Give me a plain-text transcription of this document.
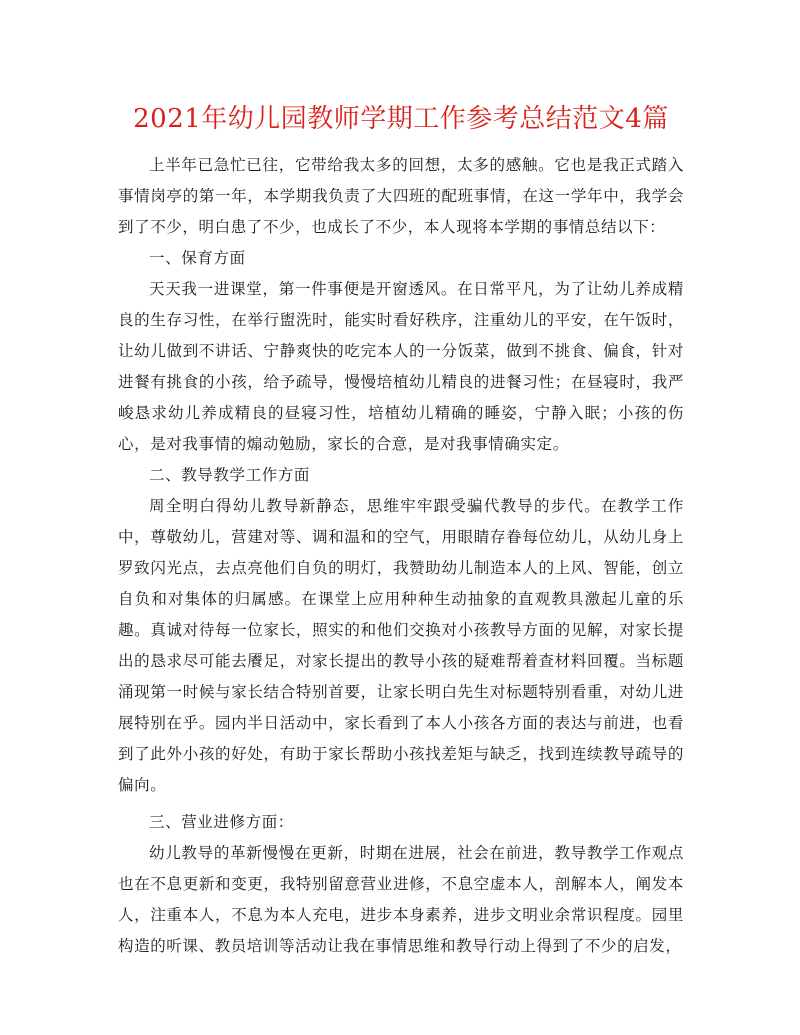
2021年幼儿园教师学期工作参考总结范文4篇

上半年已急忙已往，它带给我太多的回想，太多的感触。它也是我正式踏入事情岗亭的第一年，本学期我负责了大四班的配班事情，在这一学年中，我学会到了不少，明白患了不少，也成长了不少，本人现将本学期的事情总结以下：

一、保育方面

天天我一进课堂，第一件事便是开窗透风。在日常平凡，为了让幼儿养成精良的生存习性，在举行盥洗时，能实时看好秩序，注重幼儿的平安，在午饭时，让幼儿做到不讲话、宁静爽快的吃完本人的一分饭菜，做到不挑食、偏食，针对进餐有挑食的小孩，给予疏导，慢慢培植幼儿精良的进餐习性；在昼寝时，我严峻恳求幼儿养成精良的昼寝习性，培植幼儿精确的睡姿，宁静入眠；小孩的伤心，是对我事情的煽动勉励，家长的合意，是对我事情确实定。

二、教导教学工作方面

周全明白得幼儿教导新静态，思维牢牢跟受骗代教导的步代。在教学工作中，尊敬幼儿，营建对等、调和温和的空气，用眼睛存眷每位幼儿，从幼儿身上罗致闪光点，去点亮他们自负的明灯，我赞助幼儿制造本人的上风、智能，创立自负和对集体的归属感。在课堂上应用种种生动抽象的直观教具激起儿童的乐趣。真诚对待每一位家长，照实的和他们交换对小孩教导方面的见解，对家长提出的恳求尽可能去餍足，对家长提出的教导小孩的疑难帮着查材料回覆。当标题涌现第一时候与家长结合特别首要，让家长明白先生对标题特别看重，对幼儿进展特别在乎。园内半日活动中，家长看到了本人小孩各方面的表达与前进，也看到了此外小孩的好处，有助于家长帮助小孩找差矩与缺乏，找到连续教导疏导的偏向。

三、营业进修方面：

幼儿教导的革新慢慢在更新，时期在进展，社会在前进，教导教学工作观点也在不息更新和变更，我特别留意营业进修，不息空虚本人，剖解本人，阐发本人，注重本人，不息为本人充电，进步本身素养，进步文明业余常识程度。园里构造的听课、教员培训等活动让我在事情思维和教导行动上得到了不少的启发，
